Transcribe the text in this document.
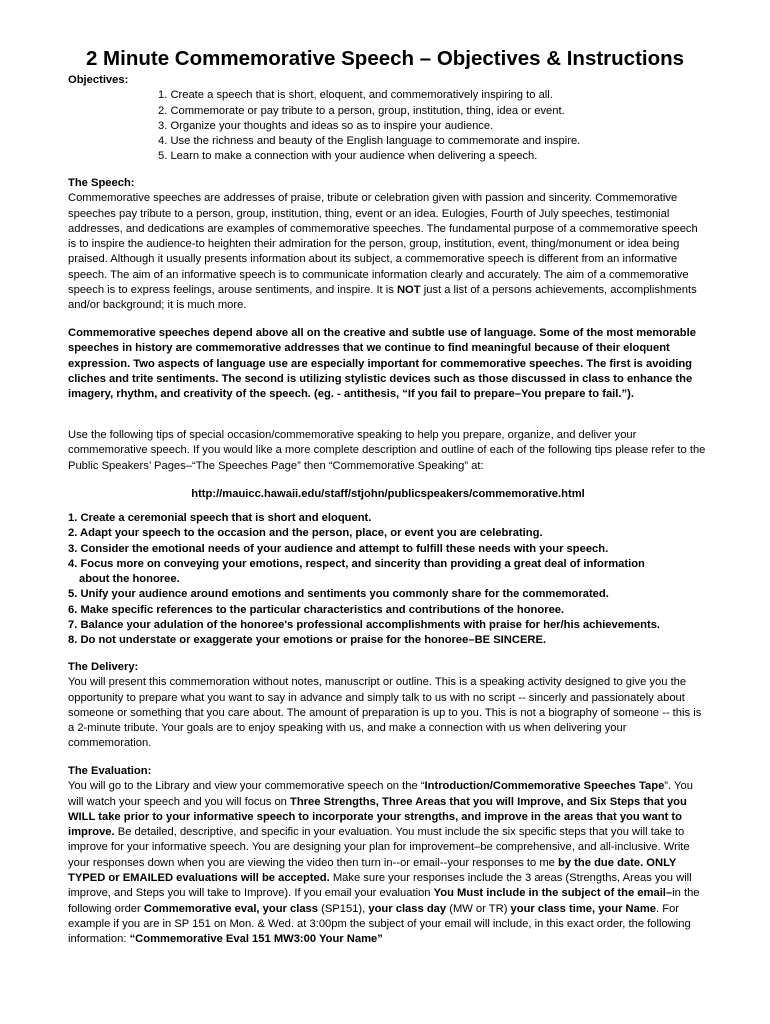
2 Minute Commemorative Speech – Objectives & Instructions

Objectives:

1. Create a speech that is short, eloquent, and commemoratively inspiring to all.
2. Commemorate or pay tribute to a person, group, institution, thing, idea or event.
3. Organize your thoughts and ideas so as to inspire your audience.
4. Use the richness and beauty of the English language to commemorate and inspire.
5. Learn to make a connection with your audience when delivering a speech.

The Speech:

Commemorative speeches are addresses of praise, tribute or celebration given with passion and sincerity. Commemorative speeches pay tribute to a person, group, institution, thing, event or an idea. Eulogies, Fourth of July speeches, testimonial addresses, and dedications are examples of commemorative speeches. The fundamental purpose of a commemorative speech is to inspire the audience-to heighten their admiration for the person, group, institution, event, thing/monument or idea being praised. Although it usually presents information about its subject, a commemorative speech is different from an informative speech. The aim of an informative speech is to communicate information clearly and accurately. The aim of a commemorative speech is to express feelings, arouse sentiments, and inspire. It is NOT just a list of a persons achievements, accomplishments and/or background; it is much more.

Commemorative speeches depend above all on the creative and subtle use of language. Some of the most memorable speeches in history are commemorative addresses that we continue to find meaningful because of their eloquent expression. Two aspects of language use are especially important for commemorative speeches. The first is avoiding cliches and trite sentiments. The second is utilizing stylistic devices such as those discussed in class to enhance the imagery, rhythm, and creativity of the speech. (eg. - antithesis, “If you fail to prepare–You prepare to fail.”).
Use the following tips of special occasion/commemorative speaking to help you prepare, organize, and deliver your commemorative speech. If you would like a more complete description and outline of each of the following tips please refer to the Public Speakers’ Pages–“The Speeches Page” then “Commemorative Speaking” at:
http://mauicc.hawaii.edu/staff/stjohn/publicspeakers/commemorative.html
1. Create a ceremonial speech that is short and eloquent.
2. Adapt your speech to the occasion and the person, place, or event you are celebrating.
3. Consider the emotional needs of your audience and attempt to fulfill these needs with your speech.
4. Focus more on conveying your emotions, respect, and sincerity than providing a great deal of information
about the honoree.
5. Unify your audience around emotions and sentiments you commonly share for the commemorated.
6. Make specific references to the particular characteristics and contributions of the honoree.
7. Balance your adulation of the honoree's professional accomplishments with praise for her/his achievements.
8. Do not understate or exaggerate your emotions or praise for the honoree–BE SINCERE.

The Delivery:

You will present this commemoration without notes, manuscript or outline. This is a speaking activity designed to give you the opportunity to prepare what you want to say in advance and simply talk to us with no script -- sincerly and passionately about someone or something that you care about. The amount of preparation is up to you. This is not a biography of someone -- this is a 2-minute tribute. Your goals are to enjoy speaking with us, and make a connection with us when delivering your commemoration.

The Evaluation:

You will go to the Library and view your commemorative speech on the “Introduction/Commemorative Speeches Tape”. You will watch your speech and you will focus on Three Strengths, Three Areas that you will Improve, and Six Steps that you WILL take prior to your informative speech to incorporate your strengths, and improve in the areas that you want to improve. Be detailed, descriptive, and specific in your evaluation. You must include the six specific steps that you will take to improve for your informative speech. You are designing your plan for improvement–be comprehensive, and all-inclusive. Write your responses down when you are viewing the video then turn in--or email--your responses to me by the due date. ONLY TYPED or EMAILED evaluations will be accepted. Make sure your responses include the 3 areas (Strengths, Areas you will improve, and Steps you will take to Improve). If you email your evaluation You Must include in the subject of the email–in the following order Commemorative eval, your class (SP151), your class day (MW or TR) your class time, your Name. For example if you are in SP 151 on Mon. & Wed. at 3:00pm the subject of your email will include, in this exact order, the following information: “Commemorative Eval 151 MW3:00 Your Name”
